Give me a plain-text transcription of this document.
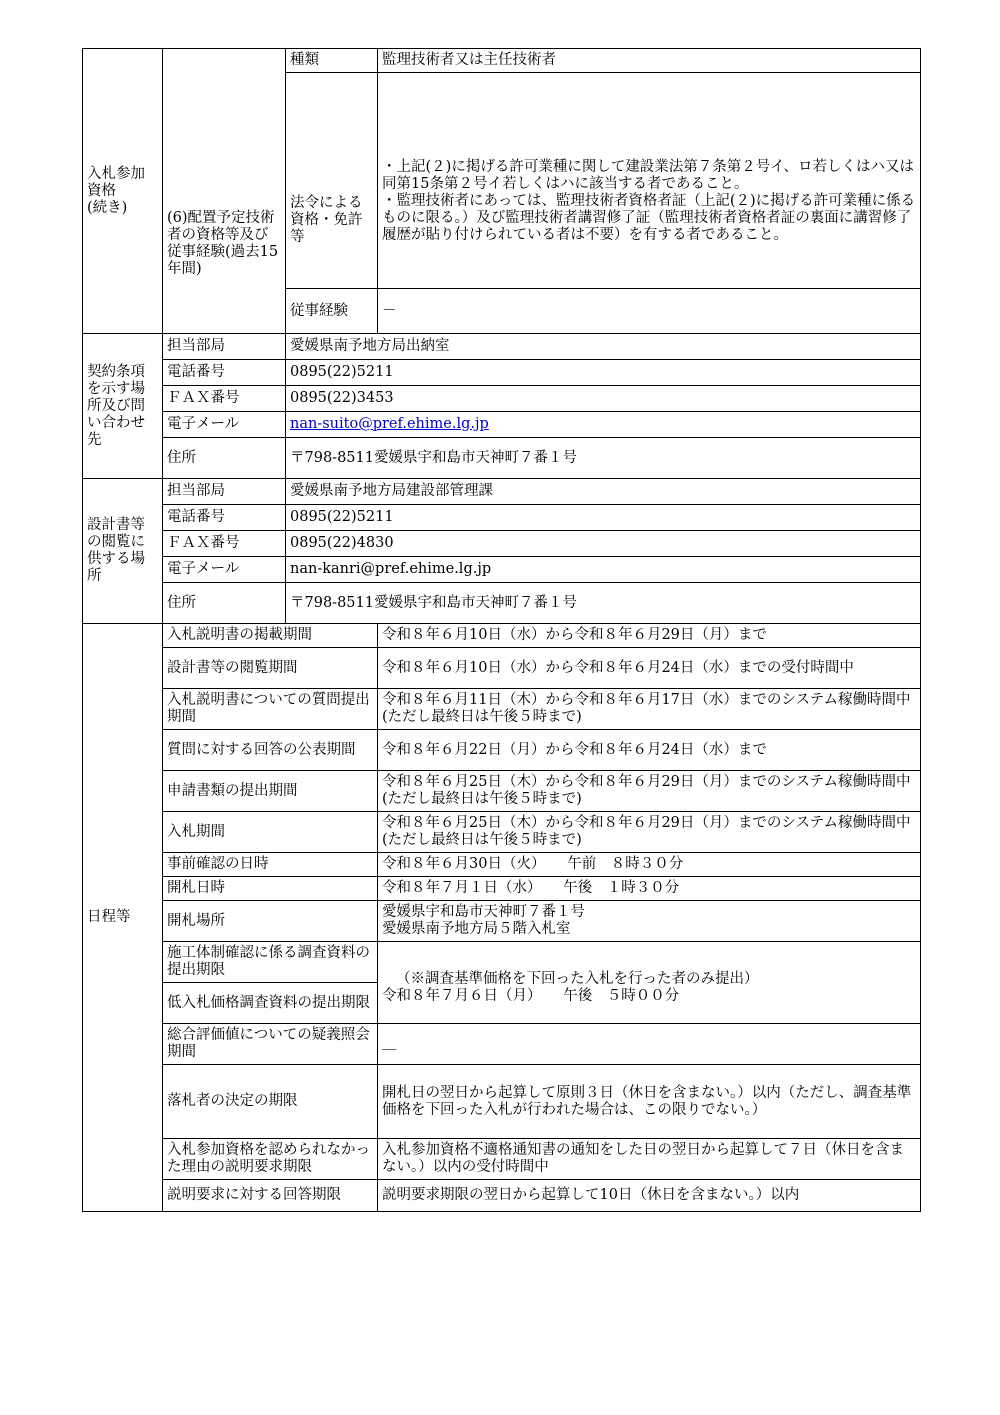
入札参加
資格
(続き)	(6)配置予定技術者の資格等及び従事経験(過去15年間)	種類	監理技術者又は主任技術者
		法令による資格・免許等	・上記(２)に掲げる許可業種に関して建設業法第７条第２号イ、ロ若しくはハ又は同第15条第２号イ若しくはハに該当する者であること。
・監理技術者にあっては、監理技術者資格者証（上記(２)に掲げる許可業種に係るものに限る。）及び監理技術者講習修了証（監理技術者資格者証の裏面に講習修了履歴が貼り付けられている者は不要）を有する者であること。
		従事経験	－
契約条項を示す場所及び問い合わせ先	担当部局	愛媛県南予地方局出納室	
	電話番号	0895(22)5211	
	ＦＡＸ番号	0895(22)3453	
	電子メール	nan-suito@pref.ehime.lg.jp	
	住所	〒798-8511愛媛県宇和島市天神町７番１号	
設計書等の閲覧に供する場所	担当部局	愛媛県南予地方局建設部管理課	
	電話番号	0895(22)5211	
	ＦＡＸ番号	0895(22)4830	
	電子メール	nan-kanri@pref.ehime.lg.jp	
	住所	〒798-8511愛媛県宇和島市天神町７番１号	
日程等	入札説明書の掲載期間		令和８年６月10日（水）から令和８年６月29日（月）まで
	設計書等の閲覧期間		令和８年６月10日（水）から令和８年６月24日（水）までの受付時間中
	入札説明書についての質問提出期間		令和８年６月11日（木）から令和８年６月17日（水）までのシステム稼働時間中(ただし最終日は午後５時まで)
	質問に対する回答の公表期間		令和８年６月22日（月）から令和８年６月24日（水）まで
	申請書類の提出期間		令和８年６月25日（木）から令和８年６月29日（月）までのシステム稼働時間中(ただし最終日は午後５時まで)
	入札期間		令和８年６月25日（木）から令和８年６月29日（月）までのシステム稼働時間中(ただし最終日は午後５時まで)
	事前確認の日時		令和８年６月30日（火）　　午前　８時３０分
	開札日時		令和８年７月１日（水）　　午後　１時３０分
	開札場所		愛媛県宇和島市天神町７番１号
愛媛県南予地方局５階入札室
	施工体制確認に係る調査資料の提出期限		（※調査基準価格を下回った入札を行った者のみ提出）
令和８年７月６日（月）　　午後　５時００分
	低入札価格調査資料の提出期限		
	総合評価値についての疑義照会期間		＿
	落札者の決定の期限		開札日の翌日から起算して原則３日（休日を含まない。）以内（ただし、調査基準価格を下回った入札が行われた場合は、この限りでない。）
	入札参加資格を認められなかった理由の説明要求期限		入札参加資格不適格通知書の通知をした日の翌日から起算して７日（休日を含まない。）以内の受付時間中
	説明要求に対する回答期限		説明要求期限の翌日から起算して10日（休日を含まない。）以内
